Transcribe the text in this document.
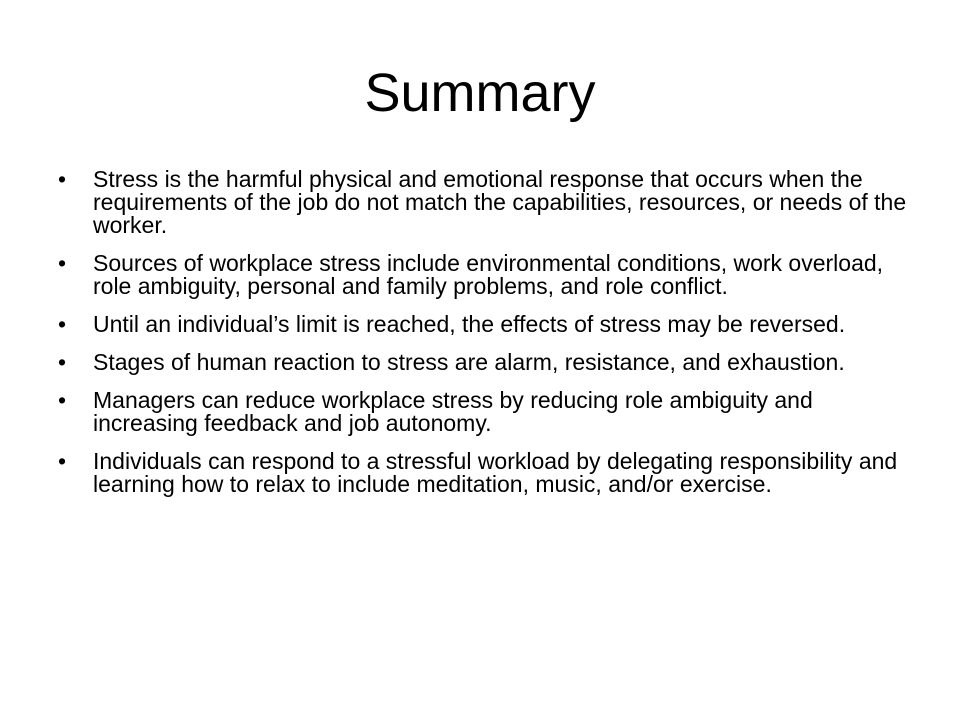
Summary
• Stress is the harmful physical and emotional response that occurs when the requirements of the job do not match the capabilities, resources, or needs of the worker.
• Sources of workplace stress include environmental conditions, work overload, role ambiguity, personal and family problems, and role conflict.
• Until an individual’s limit is reached, the effects of stress may be reversed.
• Stages of human reaction to stress are alarm, resistance, and exhaustion.
• Managers can reduce workplace stress by reducing role ambiguity and increasing feedback and job autonomy.
• Individuals can respond to a stressful workload by delegating responsibility and learning how to relax to include meditation, music, and/or exercise.
